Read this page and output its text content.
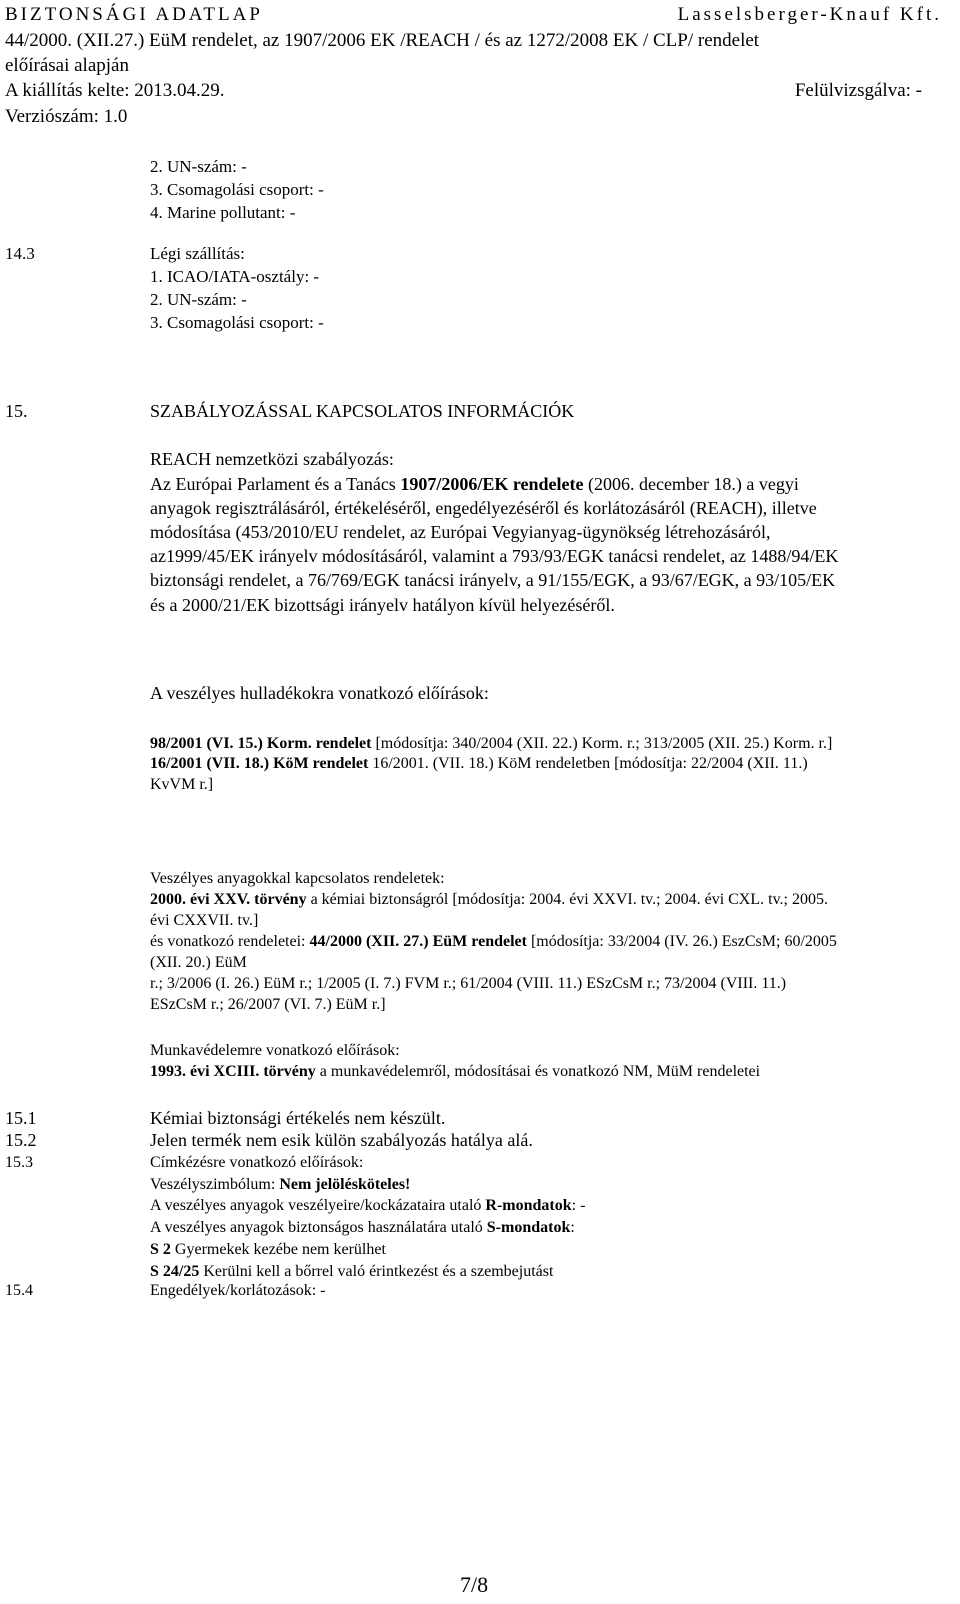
BIZTONSÁGI ADATLAP	Lasselsberger-Knauf Kft.
44/2000. (XII.27.) EüM rendelet, az 1907/2006 EK /REACH / és az 1272/2008 EK / CLP/ rendelet
előírásai alapján
A kiállítás kelte: 2013.04.29.	Felülvizsgálva: -
Verziószám: 1.0
2. UN-szám: -
3. Csomagolási csoport: -
4. Marine pollutant: -
14.3	Légi szállítás:
1. ICAO/IATA-osztály: -
2. UN-szám: -
3. Csomagolási csoport: -
15.	SZABÁLYOZÁSSAL KAPCSOLATOS INFORMÁCIÓK
REACH nemzetközi szabályozás:
Az Európai Parlament és a Tanács 1907/2006/EK rendelete (2006. december 18.) a vegyi
anyagok regisztrálásáról, értékeléséről, engedélyezéséről és korlátozásáról (REACH), illetve
módosítása (453/2010/EU rendelet, az Európai Vegyianyag-ügynökség létrehozásáról,
az1999/45/EK irányelv módosításáról, valamint a 793/93/EGK tanácsi rendelet, az 1488/94/EK
biztonsági rendelet, a 76/769/EGK tanácsi irányelv, a 91/155/EGK, a 93/67/EGK, a 93/105/EK
és a 2000/21/EK bizottsági irányelv hatályon kívül helyezéséről.
A veszélyes hulladékokra vonatkozó előírások:
98/2001 (VI. 15.) Korm. rendelet [módosítja: 340/2004 (XII. 22.) Korm. r.; 313/2005 (XII. 25.) Korm. r.]
16/2001 (VII. 18.) KöM rendelet 16/2001. (VII. 18.) KöM rendeletben [módosítja: 22/2004 (XII. 11.)
KvVM r.]
Veszélyes anyagokkal kapcsolatos rendeletek:
2000. évi XXV. törvény a kémiai biztonságról [módosítja: 2004. évi XXVI. tv.; 2004. évi CXL. tv.; 2005.
évi CXXVII. tv.]
és vonatkozó rendeletei: 44/2000 (XII. 27.) EüM rendelet [módosítja: 33/2004 (IV. 26.) EszCsM; 60/2005
(XII. 20.) EüM
r.; 3/2006 (I. 26.) EüM r.; 1/2005 (I. 7.) FVM r.; 61/2004 (VIII. 11.) ESzCsM r.; 73/2004 (VIII. 11.)
ESzCsM r.; 26/2007 (VI. 7.) EüM r.]
Munkavédelemre vonatkozó előírások:
1993. évi XCIII. törvény a munkavédelemről, módosításai és vonatkozó NM, MüM rendeletei
15.1	Kémiai biztonsági értékelés nem készült.
15.2	Jelen termék nem esik külön szabályozás hatálya alá.
15.3	Címkézésre vonatkozó előírások:
Veszélyszimbólum: Nem jelölésköteles!
A veszélyes anyagok veszélyeire/kockázataira utaló R-mondatok: -
A veszélyes anyagok biztonságos használatára utaló S-mondatok:
S 2 Gyermekek kezébe nem kerülhet
S 24/25 Kerülni kell a bőrrel való érintkezést és a szembejutást
15.4	Engedélyek/korlátozások: -
7/8
